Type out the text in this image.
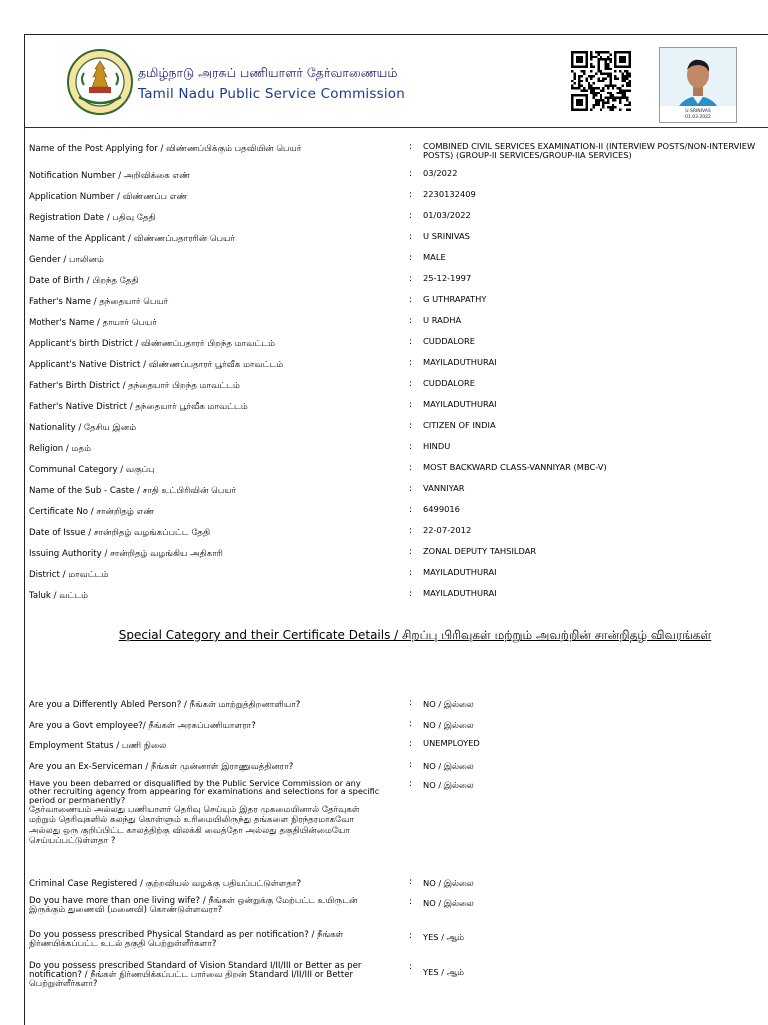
தமிழ்நாடு அரசுப் பணியாளர் தேர்வாணையம்
Tamil Nadu Public Service Commission
U.SRINIVAS
01.03.2022
Name of the Post Applying for / விண்ணப்பிக்கும் பதவியின் பெயர்	: COMBINED CIVIL SERVICES EXAMINATION-II (INTERVIEW POSTS/NON-INTERVIEW POSTS) (GROUP-II SERVICES/GROUP-IIA SERVICES)
Notification Number / அறிவிக்கை எண்	: 03/2022
Application Number / விண்ணப்ப எண்	: 2230132409
Registration Date / பதிவு தேதி	: 01/03/2022
Name of the Applicant / விண்ணப்பதாரரின் பெயர்	: U SRINIVAS
Gender / பாலினம்	: MALE
Date of Birth / பிறந்த தேதி	: 25-12-1997
Father's Name / தந்தையார் பெயர்	: G UTHRAPATHY
Mother's Name / தாயார் பெயர்	: U RADHA
Applicant's birth District / விண்ணப்பதாரர் பிறந்த மாவட்டம்	: CUDDALORE
Applicant's Native District / விண்ணப்பதாரர் பூர்வீக மாவட்டம்	: MAYILADUTHURAI
Father's Birth District / தந்தையார் பிறந்த மாவட்டம்	: CUDDALORE
Father's Native District / தந்தையார் பூர்வீக மாவட்டம்	: MAYILADUTHURAI
Nationality / தேசிய இனம்	: CITIZEN OF INDIA
Religion / மதம்	: HINDU
Communal Category / வகுப்பு	: MOST BACKWARD CLASS-VANNIYAR (MBC-V)
Name of the Sub - Caste / சாதி உட்பிரிவின் பெயர்	: VANNIYAR
Certificate No / சான்றிதழ் எண்	: 6499016
Date of Issue / சான்றிதழ் வழங்கப்பட்ட தேதி	: 22-07-2012
Issuing Authority / சான்றிதழ் வழங்கிய அதிகாரி	: ZONAL DEPUTY TAHSILDAR
District / மாவட்டம்	: MAYILADUTHURAI
Taluk / வட்டம்	: MAYILADUTHURAI
Special Category and their Certificate Details / சிறப்பு பிரிவுகள் மற்றும் அவற்றின் சான்றிதழ் விவரங்கள்
Are you a Differently Abled Person? / நீங்கள் மாற்றுத்திறனாளியா?	: NO / இல்லை
Are you a Govt employee?/ நீங்கள் அரசுப்பணியாளரா?	: NO / இல்லை
Employment Status / பணி நிலை	: UNEMPLOYED
Are you an Ex-Serviceman / நீங்கள் முன்னாள் இராணுவத்தினரா?	: NO / இல்லை
Have you been debarred or disqualified by the Public Service Commission or any other recruiting agency from appearing for examinations and selections for a specific period or permanently?
தேர்வாணையம் அல்லது பணியாளர் தெரிவு செய்யும் இதர முகமையினால் தேர்வுகள் மற்றும் தெரிவுகளில் கலந்து கொள்ளும் உரிமையிலிருந்து தங்களை நிரந்தரமாகவோ அல்லது ஒரு குறிப்பிட்ட காலத்திற்கு விலக்கி வைத்தோ அல்லது தகுதியின்மையோ செய்யப்பட்டுள்ளதா ?
: NO / இல்லை
Criminal Case Registered / குற்றவியல் வழக்கு பதியப்பட்டுள்ளதா?	: NO / இல்லை
Do you have more than one living wife? / நீங்கள் ஒன்றுக்கு மேற்பட்ட உயிருடன் இருக்கும் துணைவி (மனைவி) கொண்டுள்ளவரா?
: NO / இல்லை
Do you possess prescribed Physical Standard as per notification? / நீங்கள் நிர்ணயிக்கப்பட்ட உடல் தகுதி பெற்றுள்ளீர்களா?
: YES / ஆம்
Do you possess prescribed Standard of Vision Standard I/II/III or Better as per notification? / நீங்கள் நிர்ணயிக்கப்பட்ட பார்வை திறன் Standard I/II/III or Better பெற்றுள்ளீர்களா?
: YES / ஆம்
